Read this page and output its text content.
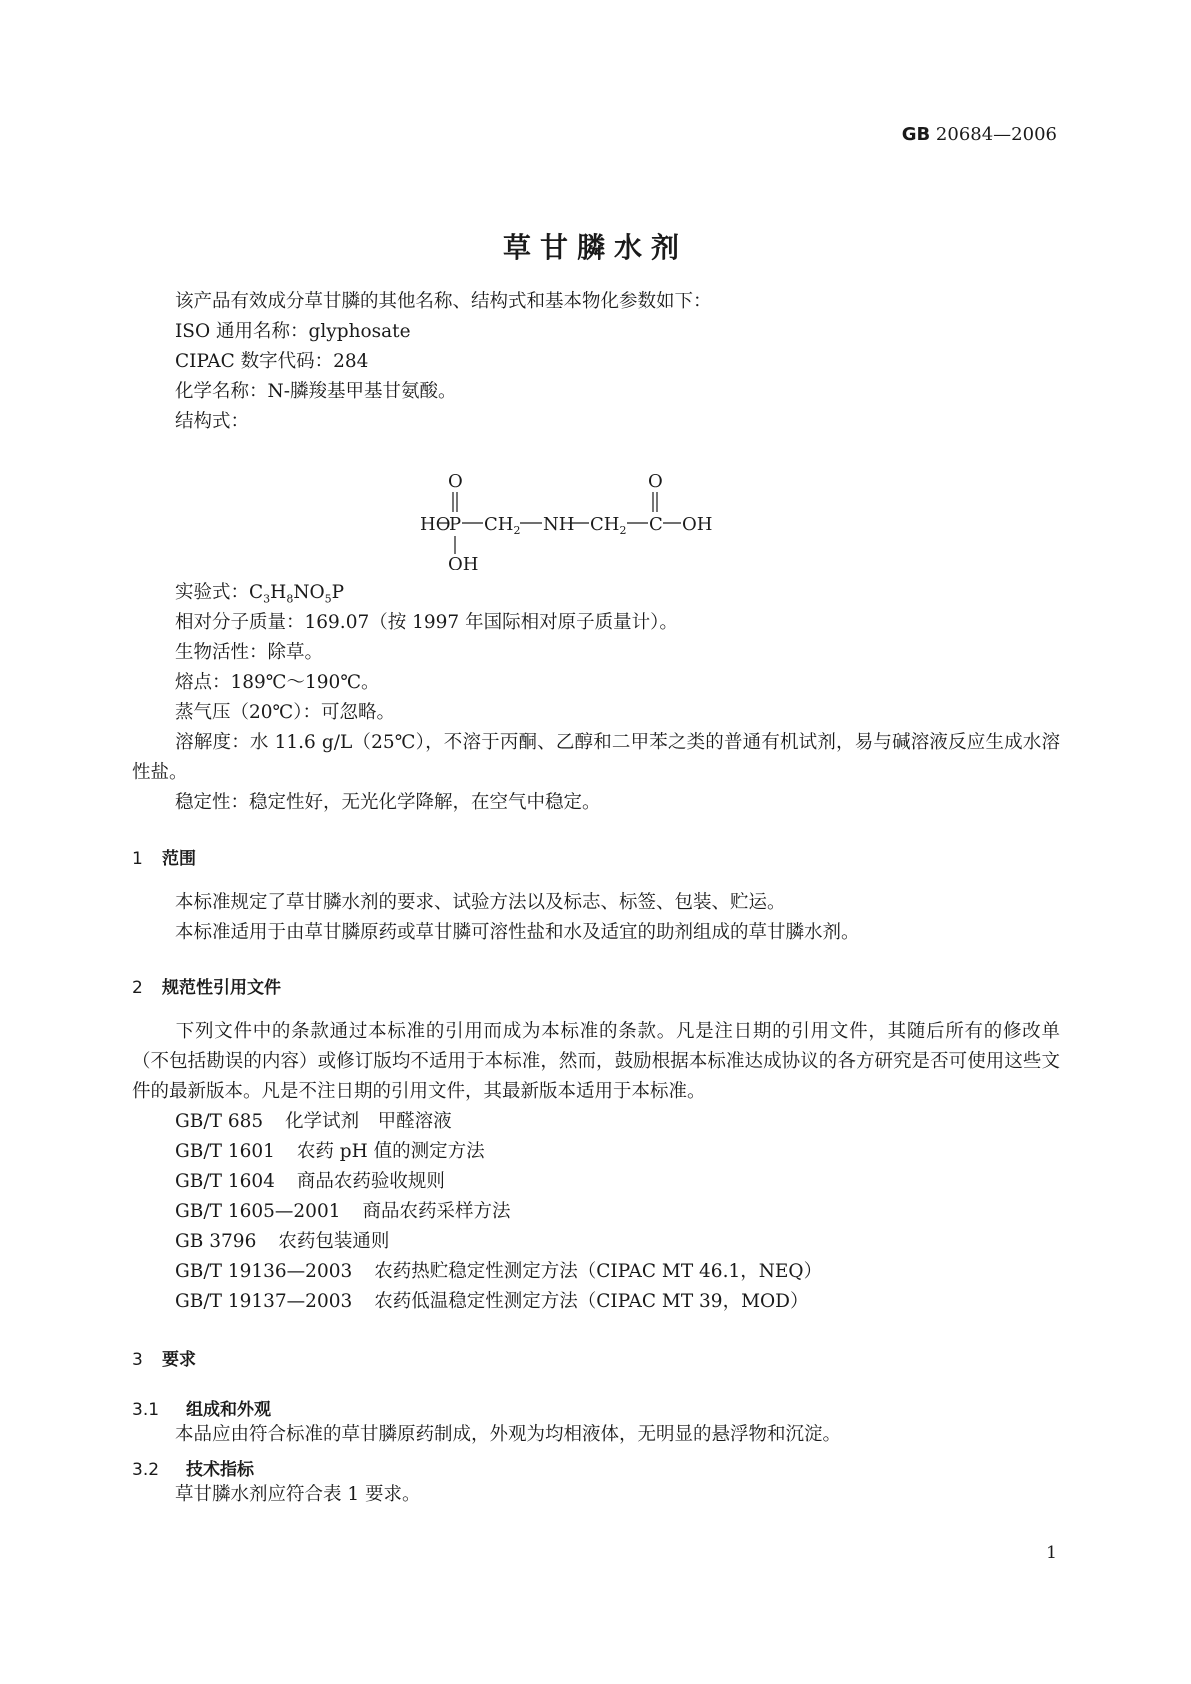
GB 20684—2006
草甘膦水剂
该产品有效成分草甘膦的其他名称、结构式和基本物化参数如下：
ISO 通用名称：glyphosate
CIPAC 数字代码：284
化学名称：N-膦羧基甲基甘氨酸。
结构式：
O	O
HO
P $CH_2$ NH $CH_2$ C OH
OH
实验式：$C_3H_8NO_5P$
相对分子质量：169.07（按 1997 年国际相对原子质量计）。
生物活性：除草。
熔点：189℃～190℃。
蒸气压（20℃）：可忽略。
溶解度：水 11.6 g/L（25℃），不溶于丙酮、乙醇和二甲苯之类的普通有机试剂，易与碱溶液反应生成水溶性盐。
稳定性：稳定性好，无光化学降解，在空气中稳定。
1 范围
本标准规定了草甘膦水剂的要求、试验方法以及标志、标签、包装、贮运。
本标准适用于由草甘膦原药或草甘膦可溶性盐和水及适宜的助剂组成的草甘膦水剂。
2 规范性引用文件
下列文件中的条款通过本标准的引用而成为本标准的条款。凡是注日期的引用文件，其随后所有的修改单（不包括勘误的内容）或修订版均不适用于本标准，然而，鼓励根据本标准达成协议的各方研究是否可使用这些文件的最新版本。凡是不注日期的引用文件，其最新版本适用于本标准。
GB/T 685 化学试剂　甲醛溶液
GB/T 1601 农药 pH 值的测定方法
GB/T 1604 商品农药验收规则
GB/T 1605—2001 商品农药采样方法
GB 3796 农药包装通则
GB/T 19136—2003 农药热贮稳定性测定方法（CIPAC MT 46.1，NEQ）
GB/T 19137—2003 农药低温稳定性测定方法（CIPAC MT 39，MOD）
3 要求
3.1 组成和外观
本品应由符合标准的草甘膦原药制成，外观为均相液体，无明显的悬浮物和沉淀。
3.2 技术指标
草甘膦水剂应符合表 1 要求。
1
